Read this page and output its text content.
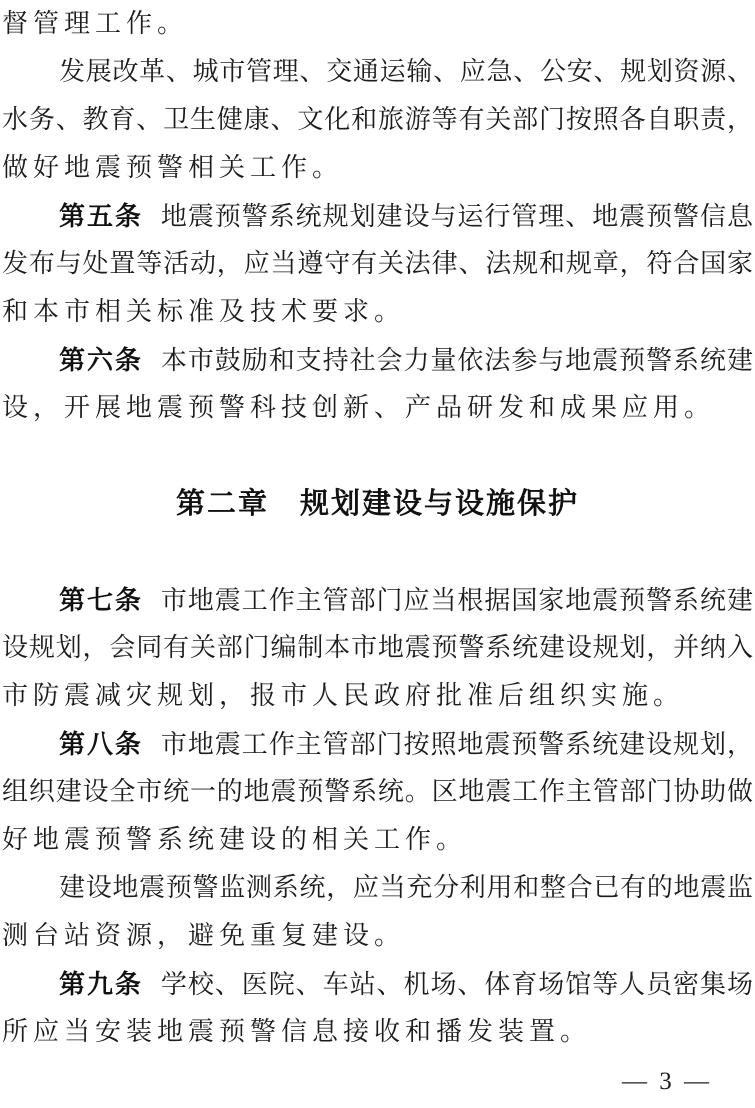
督管理工作。
发展改革、城市管理、交通运输、应急、公安、规划资源、
水务、教育、卫生健康、文化和旅游等有关部门按照各自职责，
做好地震预警相关工作。
第五条 地震预警系统规划建设与运行管理、地震预警信息
发布与处置等活动，应当遵守有关法律、法规和规章，符合国家
和本市相关标准及技术要求。
第六条 本市鼓励和支持社会力量依法参与地震预警系统建
设，开展地震预警科技创新、产品研发和成果应用。
第二章　规划建设与设施保护
第七条 市地震工作主管部门应当根据国家地震预警系统建
设规划，会同有关部门编制本市地震预警系统建设规划，并纳入
市防震减灾规划，报市人民政府批准后组织实施。
第八条 市地震工作主管部门按照地震预警系统建设规划，
组织建设全市统一的地震预警系统。区地震工作主管部门协助做
好地震预警系统建设的相关工作。
建设地震预警监测系统，应当充分利用和整合已有的地震监
测台站资源，避免重复建设。
第九条 学校、医院、车站、机场、体育场馆等人员密集场
所应当安装地震预警信息接收和播发装置。
— 3 —
